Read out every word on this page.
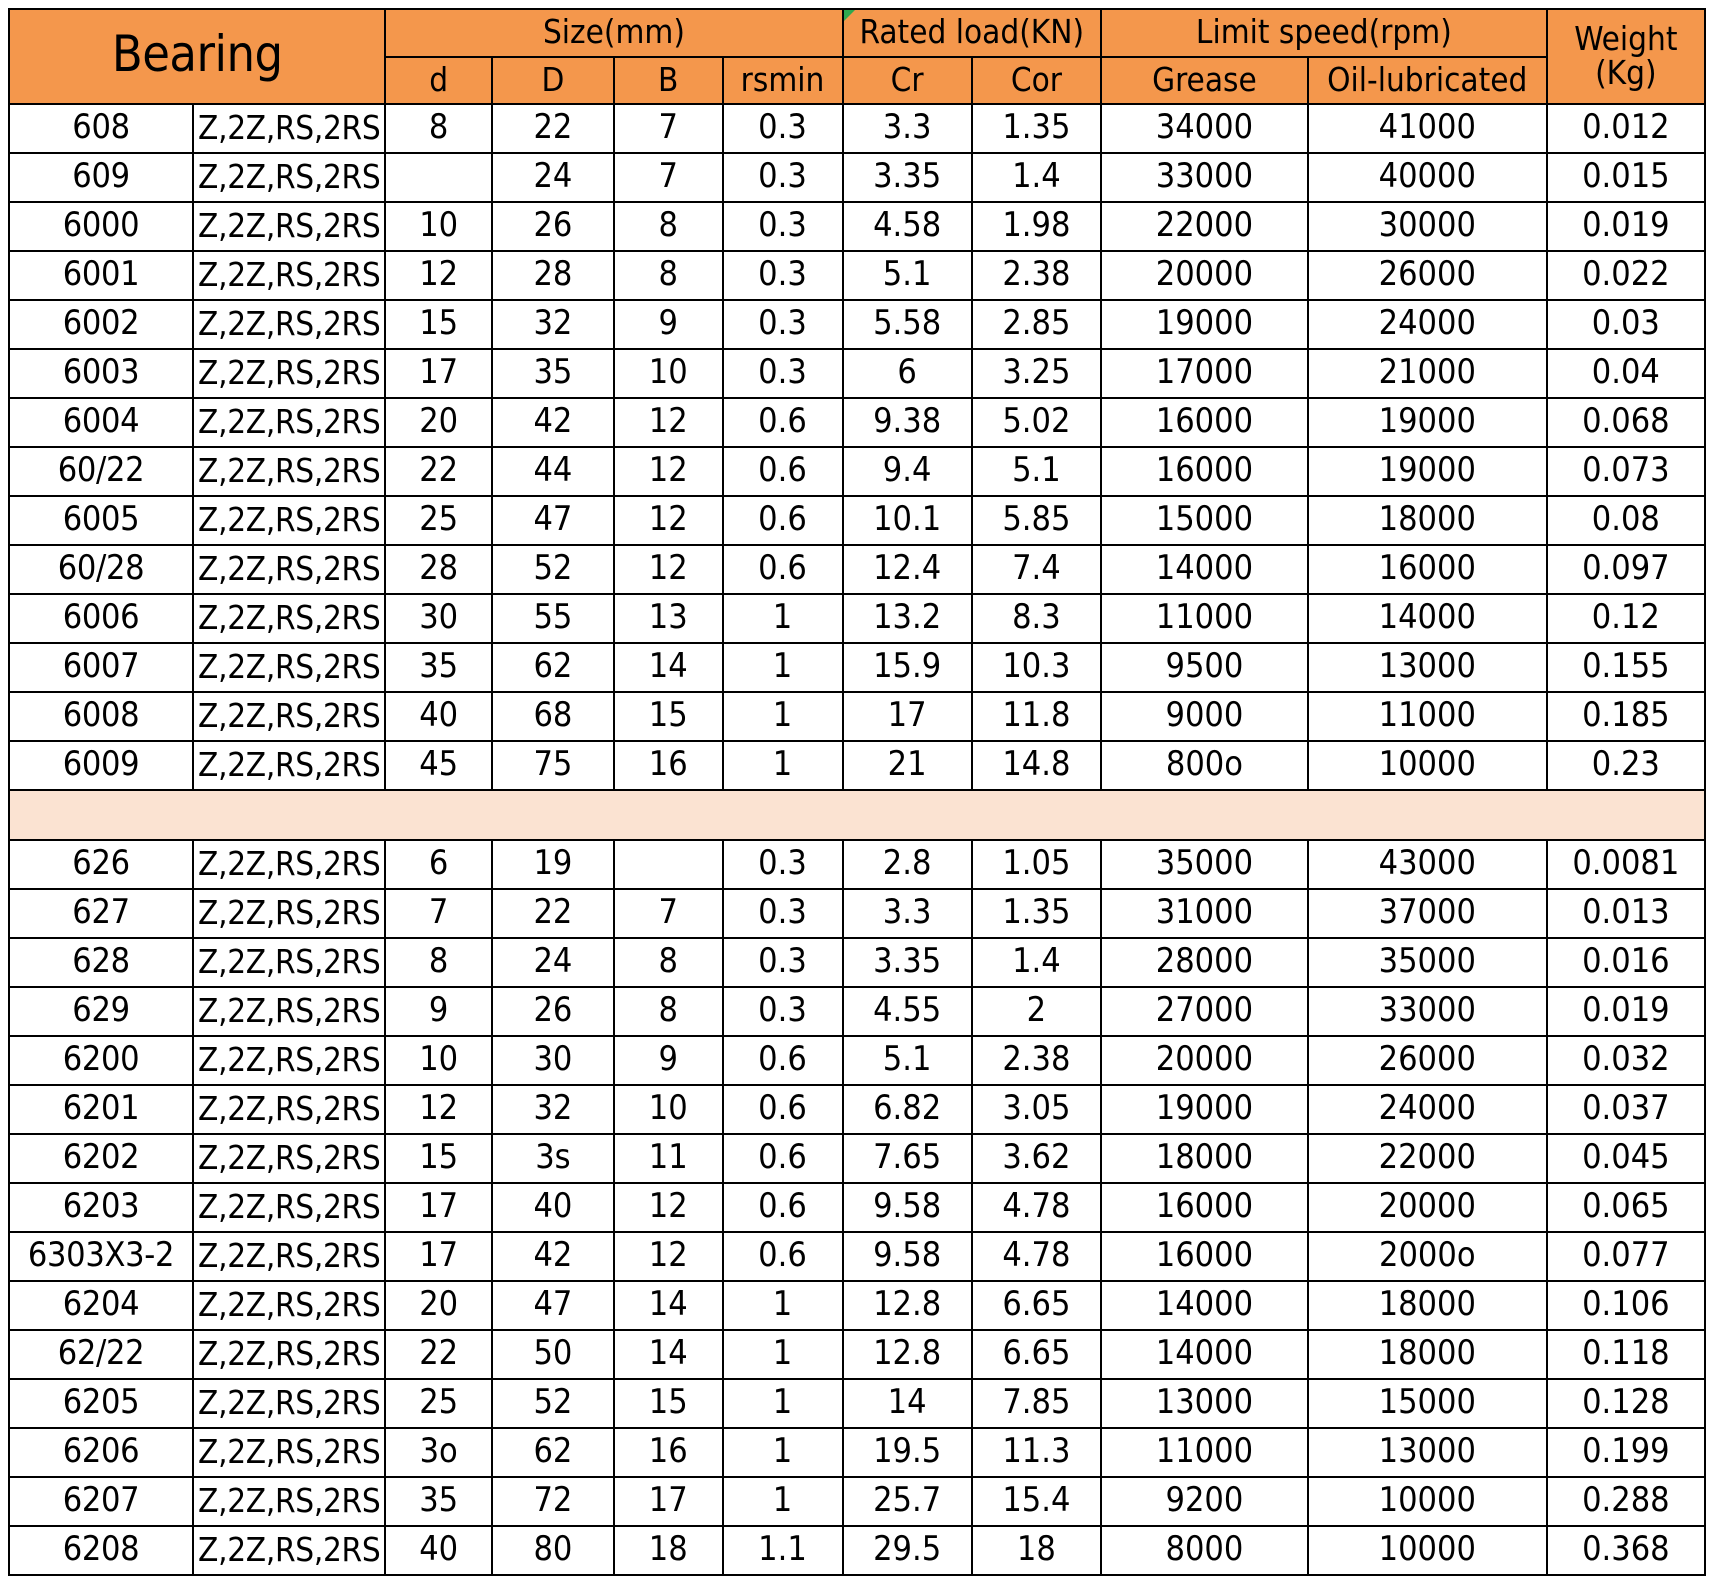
Bearing		Size(mm)				Rated load(KN)		Limit speed(rpm)		Weight
(Kg)

		d	D	B	rsmin	Cr	Cor	Grease	Oil-lubricated	
608	Z,2Z,RS,2RS	8	22	7	0.3	3.3	1.35	34000	41000	0.012
609	Z,2Z,RS,2RS		24	7	0.3	3.35	1.4	33000	40000	0.015
6000	Z,2Z,RS,2RS	10	26	8	0.3	4.58	1.98	22000	30000	0.019
6001	Z,2Z,RS,2RS	12	28	8	0.3	5.1	2.38	20000	26000	0.022
6002	Z,2Z,RS,2RS	15	32	9	0.3	5.58	2.85	19000	24000	0.03
6003	Z,2Z,RS,2RS	17	35	10	0.3	6	3.25	17000	21000	0.04
6004	Z,2Z,RS,2RS	20	42	12	0.6	9.38	5.02	16000	19000	0.068
60/22	Z,2Z,RS,2RS	22	44	12	0.6	9.4	5.1	16000	19000	0.073
6005	Z,2Z,RS,2RS	25	47	12	0.6	10.1	5.85	15000	18000	0.08
60/28	Z,2Z,RS,2RS	28	52	12	0.6	12.4	7.4	14000	16000	0.097
6006	Z,2Z,RS,2RS	30	55	13	1	13.2	8.3	11000	14000	0.12
6007	Z,2Z,RS,2RS	35	62	14	1	15.9	10.3	9500	13000	0.155
6008	Z,2Z,RS,2RS	40	68	15	1	17	11.8	9000	11000	0.185
6009	Z,2Z,RS,2RS	45	75	16	1	21	14.8	800o	10000	0.23

626	Z,2Z,RS,2RS	6	19		0.3	2.8	1.05	35000	43000	0.0081
627	Z,2Z,RS,2RS	7	22	7	0.3	3.3	1.35	31000	37000	0.013
628	Z,2Z,RS,2RS	8	24	8	0.3	3.35	1.4	28000	35000	0.016
629	Z,2Z,RS,2RS	9	26	8	0.3	4.55	2	27000	33000	0.019
6200	Z,2Z,RS,2RS	10	30	9	0.6	5.1	2.38	20000	26000	0.032
6201	Z,2Z,RS,2RS	12	32	10	0.6	6.82	3.05	19000	24000	0.037
6202	Z,2Z,RS,2RS	15	3s	11	0.6	7.65	3.62	18000	22000	0.045
6203	Z,2Z,RS,2RS	17	40	12	0.6	9.58	4.78	16000	20000	0.065
6303X3-2	Z,2Z,RS,2RS	17	42	12	0.6	9.58	4.78	16000	2000o	0.077
6204	Z,2Z,RS,2RS	20	47	14	1	12.8	6.65	14000	18000	0.106
62/22	Z,2Z,RS,2RS	22	50	14	1	12.8	6.65	14000	18000	0.118
6205	Z,2Z,RS,2RS	25	52	15	1	14	7.85	13000	15000	0.128
6206	Z,2Z,RS,2RS	3o	62	16	1	19.5	11.3	11000	13000	0.199
6207	Z,2Z,RS,2RS	35	72	17	1	25.7	15.4	9200	10000	0.288
6208	Z,2Z,RS,2RS	40	80	18	1.1	29.5	18	8000	10000	0.368
